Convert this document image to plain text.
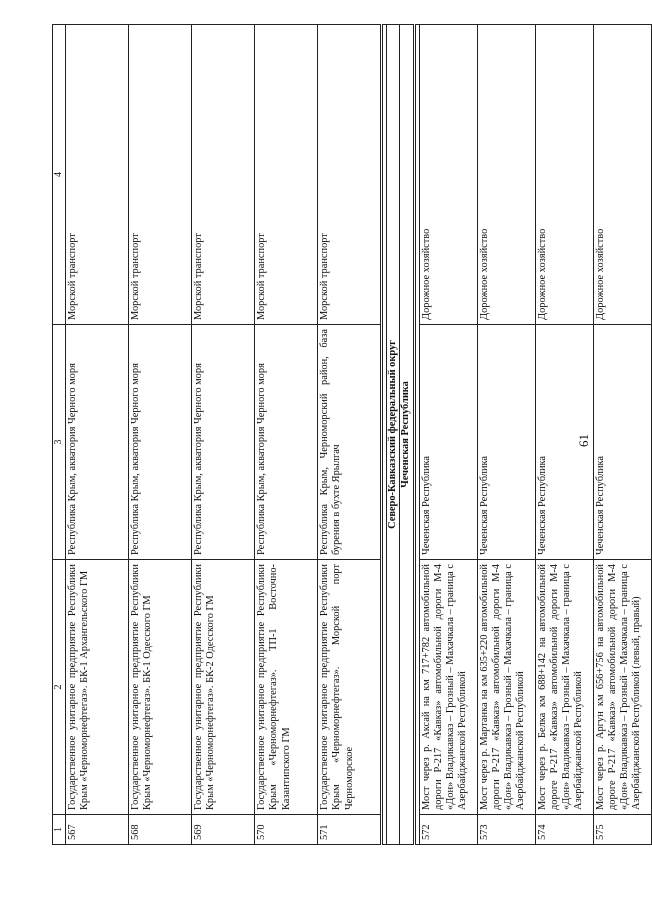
61
1	2	3	4
567	Государственное унитарное предприятие Республики Крым «Черноморнефтегаз». БК-1 Архангельского ГМ	Республика Крым, акватория Черного моря	Морской транспорт
568	Государственное унитарное предприятие Республики Крым «Черноморнефтегаз». БК-1 Одесского ГМ	Республика Крым, акватория Черного моря	Морской транспорт
569	Государственное унитарное предприятие Республики Крым «Черноморнефтегаз». БК-2 Одесского ГМ	Республика Крым, акватория Черного моря	Морской транспорт
570	Государственное унитарное предприятие Республики Крым «Черноморнефтегаз». ТП-1 Восточно-Казантипского ГМ	Республика Крым, акватория Черного моря	Морской транспорт
571	Государственное унитарное предприятие Республики Крым «Черноморнефтегаз». Морской порт Черноморское	Республика Крым, Черноморский район, база бурения в бухте Ярылгач	Морской транспорт

Северо-Кавказский федеральный округ			
Чеченская Республика			

572	Мост через р. Аксай на км 717+782 автомобильной дороги Р-217 «Кавказ» автомобильной дороги М-4 «Дон» Владикавказ – Грозный – Махачкала – граница с Азербайджанской Республикой	Чеченская Республика	Дорожное хозяйство
573	Мост через р. Мартанка на км 635+220 автомобильной дороги Р-217 «Кавказ» автомобильной дороги М-4 «Дон» Владикавказ – Грозный – Махачкала – граница с Азербайджанской Республикой	Чеченская Республика	Дорожное хозяйство
574	Мост через р. Белка км 688+142 на автомобильной дороге Р-217 «Кавказ» автомобильной дороги М-4 «Дон» Владикавказ – Грозный – Махачкала – граница с Азербайджанской Республикой	Чеченская Республика	Дорожное хозяйство
575	Мост через р. Аргун км 656+756 на автомобильной дороге Р-217 «Кавказ» автомобильной дороги М-4 «Дон» Владикавказ – Грозный – Махачкала – граница с Азербайджанской Республикой (левый, правый)	Чеченская Республика	Дорожное хозяйство
